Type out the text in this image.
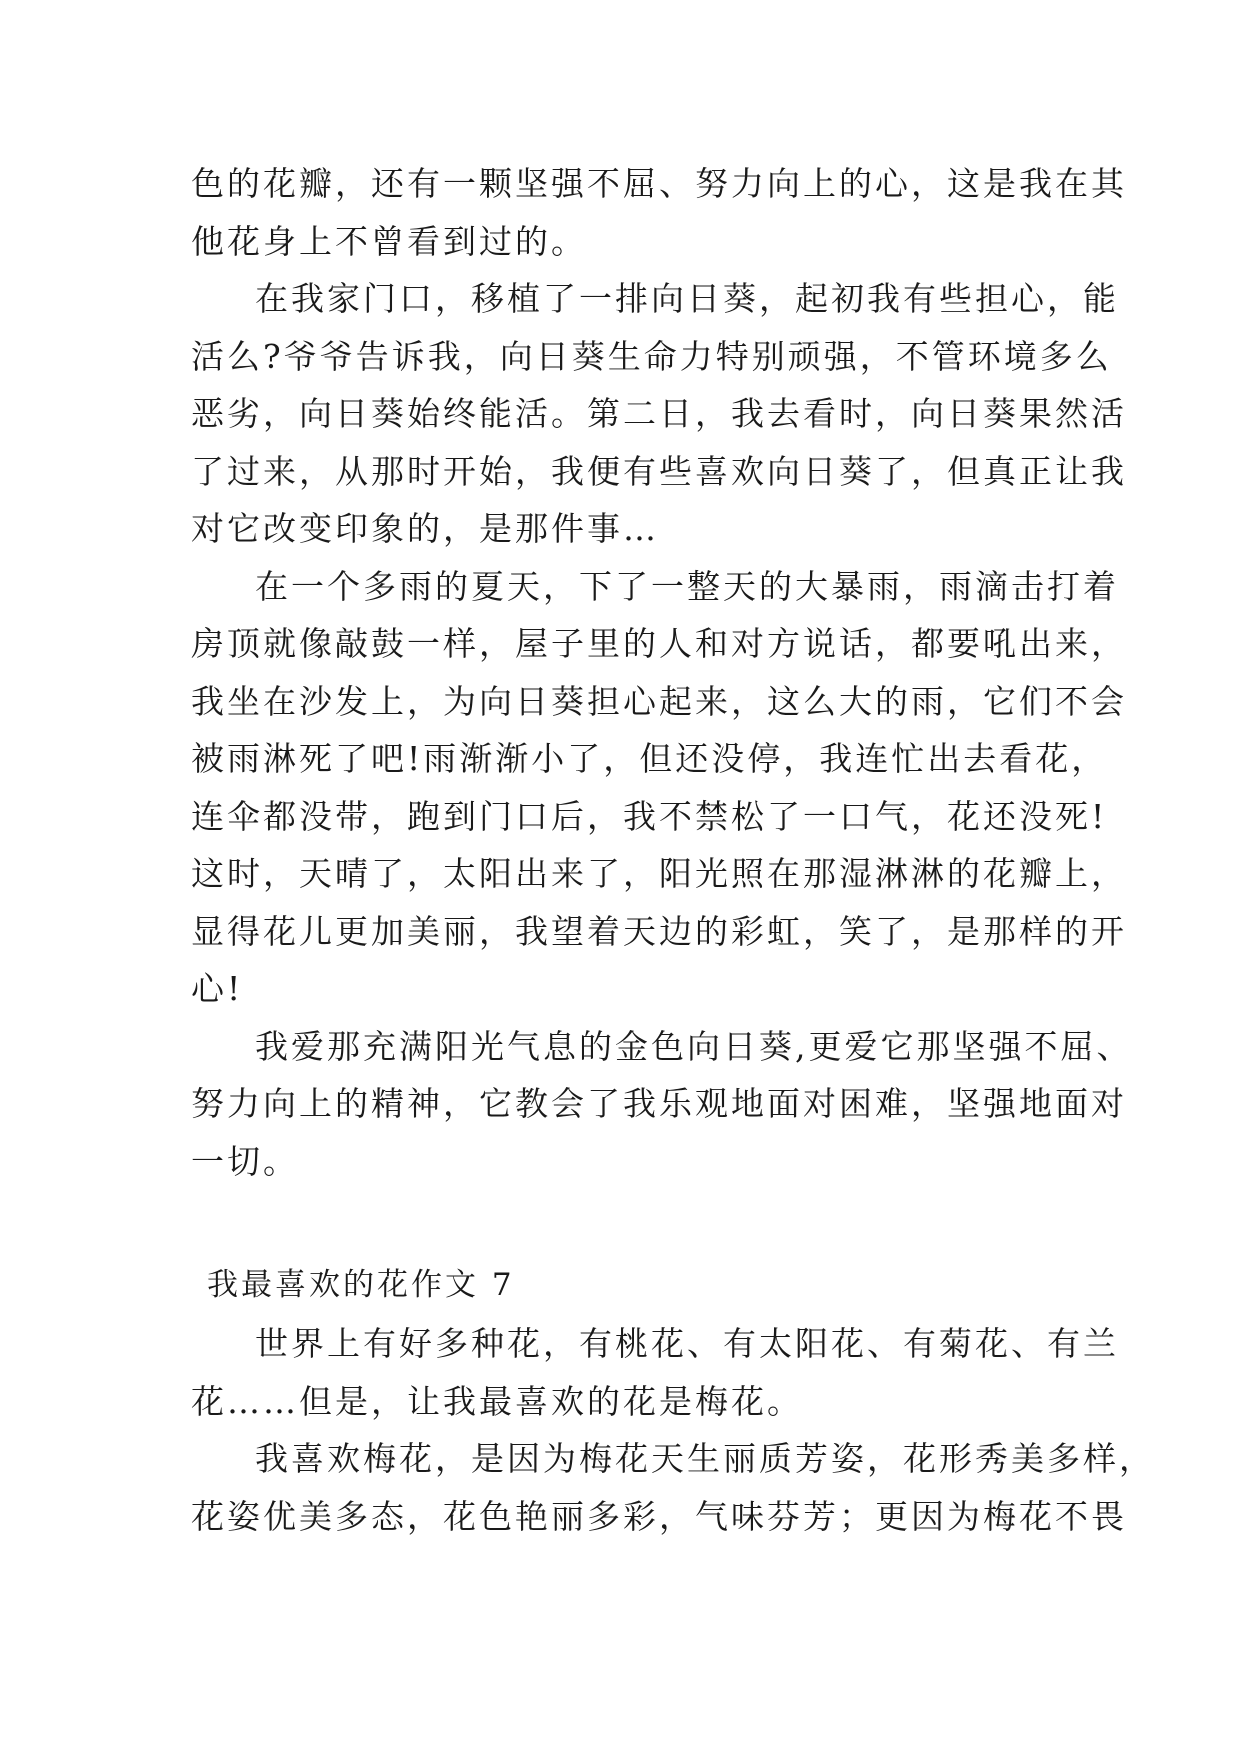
色的花瓣，还有一颗坚强不屈、努力向上的心，这是我在其
他花身上不曾看到过的。
在我家门口，移植了一排向日葵，起初我有些担心，能
活么?爷爷告诉我，向日葵生命力特别顽强，不管环境多么
恶劣，向日葵始终能活。第二日，我去看时，向日葵果然活
了过来，从那时开始，我便有些喜欢向日葵了，但真正让我
对它改变印象的，是那件事…
在一个多雨的夏天，下了一整天的大暴雨，雨滴击打着
房顶就像敲鼓一样，屋子里的人和对方说话，都要吼出来，
我坐在沙发上，为向日葵担心起来，这么大的雨，它们不会
被雨淋死了吧!雨渐渐小了，但还没停，我连忙出去看花，
连伞都没带，跑到门口后，我不禁松了一口气，花还没死!
这时，天晴了，太阳出来了，阳光照在那湿淋淋的花瓣上，
显得花儿更加美丽，我望着天边的彩虹，笑了，是那样的开
心!
我爱那充满阳光气息的金色向日葵,更爱它那坚强不屈、
努力向上的精神，它教会了我乐观地面对困难，坚强地面对
一切。
我最喜欢的花作文 7
世界上有好多种花，有桃花、有太阳花、有菊花、有兰
花……但是，让我最喜欢的花是梅花。
我喜欢梅花，是因为梅花天生丽质芳姿，花形秀美多样，
花姿优美多态，花色艳丽多彩，气味芬芳；更因为梅花不畏
